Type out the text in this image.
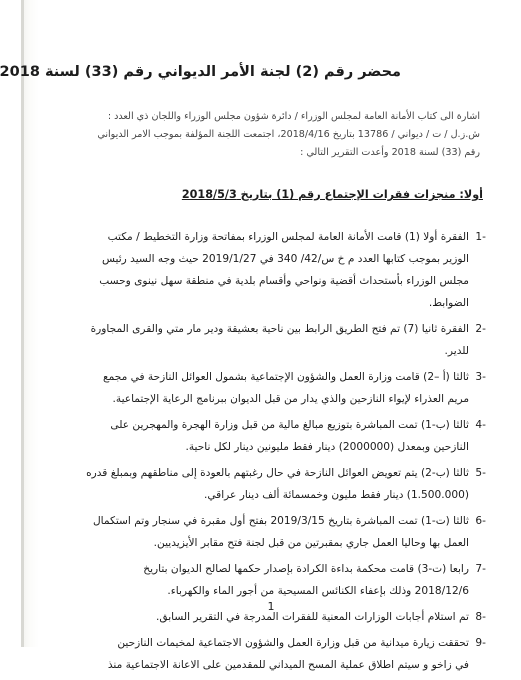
محضر رقم (2) لجنة الأمر الديواني رقم (33) لسنة 2018
اشارة الى كتاب الأمانة العامة لمجلس الوزراء / دائرة شؤون مجلس الوزراء واللجان ذي العدد :
ش.ز.ل / ت / ديواني / 13786 بتاريخ 2018/4/16، اجتمعت اللجنة المؤلفة بموجب الامر الديواني
رقم (33) لسنة 2018 وأعدت التقرير التالي :
أولا: منجزات فقرات الإجتماع رقم (1) بتاريخ 2018/5/3
-1
الفقرة أولا (1) قامت الأمانة العامة لمجلس الوزراء بمفاتحة وزارة التخطيط / مكتب
الوزير بموجب كتابها العدد م خ س/42/ 340 في 2019/1/27 حيث وجه السيد رئيس
مجلس الوزراء بأستحداث أقضية ونواحي وأقسام بلدية في منطقة سهل نينوى وحسب
الضوابط.
-2
الفقرة ثانيا (7) تم فتح الطريق الرابط بين ناحية بعشيقة ودير مار متي والقرى المجاورة
للدير.
-3
ثالثا (أ –2) قامت وزارة العمل والشؤون الإجتماعية بشمول العوائل النازحة في مجمع
مريم العذراء لإيواء النازحين والذي يدار من قبل الديوان ببرنامج الرعاية الإجتماعية.
-4
ثالثا (ب-1) تمت المباشرة بتوزيع مبالغ مالية من قبل وزارة الهجرة والمهجرين على
النازحين وبمعدل (2000000) دينار فقط مليونين دينار لكل ناحية.
-5
ثالثا (ب-2) يتم تعويض العوائل النازحة في حال رغبتهم بالعودة إلى مناطقهم وبمبلغ قدره
(1.500.000) دينار فقط مليون وخمسمائة ألف دينار عراقي.
-6
ثالثا (ت-1) تمت المباشرة بتاريخ 2019/3/15 بفتح أول مقبرة في سنجار وتم استكمال
العمل بها وحاليا العمل جاري بمقبرتين من قبل لجنة فتح مقابر الأيزيديين.
-7
رابعا (ت-3) قامت محكمة بداءة الكرادة بإصدار حكمها لصالح الديوان بتاريخ
2018/12/6 وذلك بإعفاء الكنائس المسيحية من أجور الماء والكهرباء.
-8
تم استلام أجابات الوزارات المعنية للفقرات المدرجة في التقرير السابق.
-9
تحققت زيارة ميدانية من قبل وزارة العمل والشؤون الاجتماعية لمخيمات النازحين
في زاخو و سيتم اطلاق عملية المسح الميداني للمقدمين على الاعانة الاجتماعية منذ
1
